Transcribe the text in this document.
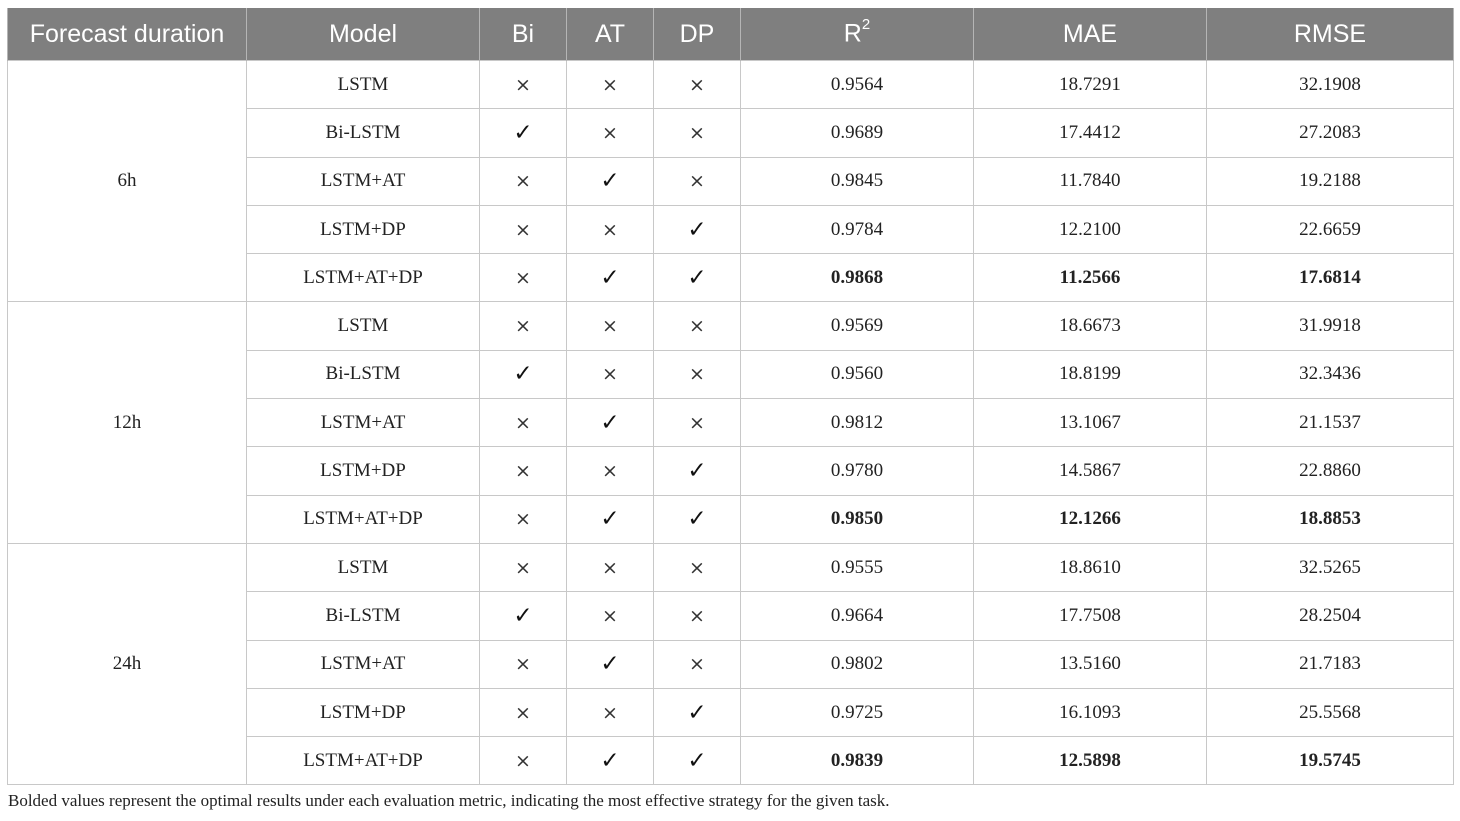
Forecast duration	Model	Bi	AT	DP	$R^2$	MAE	RMSE
6h	LSTM	×	×	×	0.9564	18.7291	32.1908
	Bi-LSTM	✓	×	×	0.9689	17.4412	27.2083
	LSTM+AT	×	✓	×	0.9845	11.7840	19.2188
	LSTM+DP	×	×	✓	0.9784	12.2100	22.6659
	LSTM+AT+DP	×	✓	✓	0.9868	11.2566	17.6814
12h	LSTM	×	×	×	0.9569	18.6673	31.9918
	Bi-LSTM	✓	×	×	0.9560	18.8199	32.3436
	LSTM+AT	×	✓	×	0.9812	13.1067	21.1537
	LSTM+DP	×	×	✓	0.9780	14.5867	22.8860
	LSTM+AT+DP	×	✓	✓	0.9850	12.1266	18.8853
24h	LSTM	×	×	×	0.9555	18.8610	32.5265
	Bi-LSTM	✓	×	×	0.9664	17.7508	28.2504
	LSTM+AT	×	✓	×	0.9802	13.5160	21.7183
	LSTM+DP	×	×	✓	0.9725	16.1093	25.5568
	LSTM+AT+DP	×	✓	✓	0.9839	12.5898	19.5745
Bolded values represent the optimal results under each evaluation metric, indicating the most effective strategy for the given task.
